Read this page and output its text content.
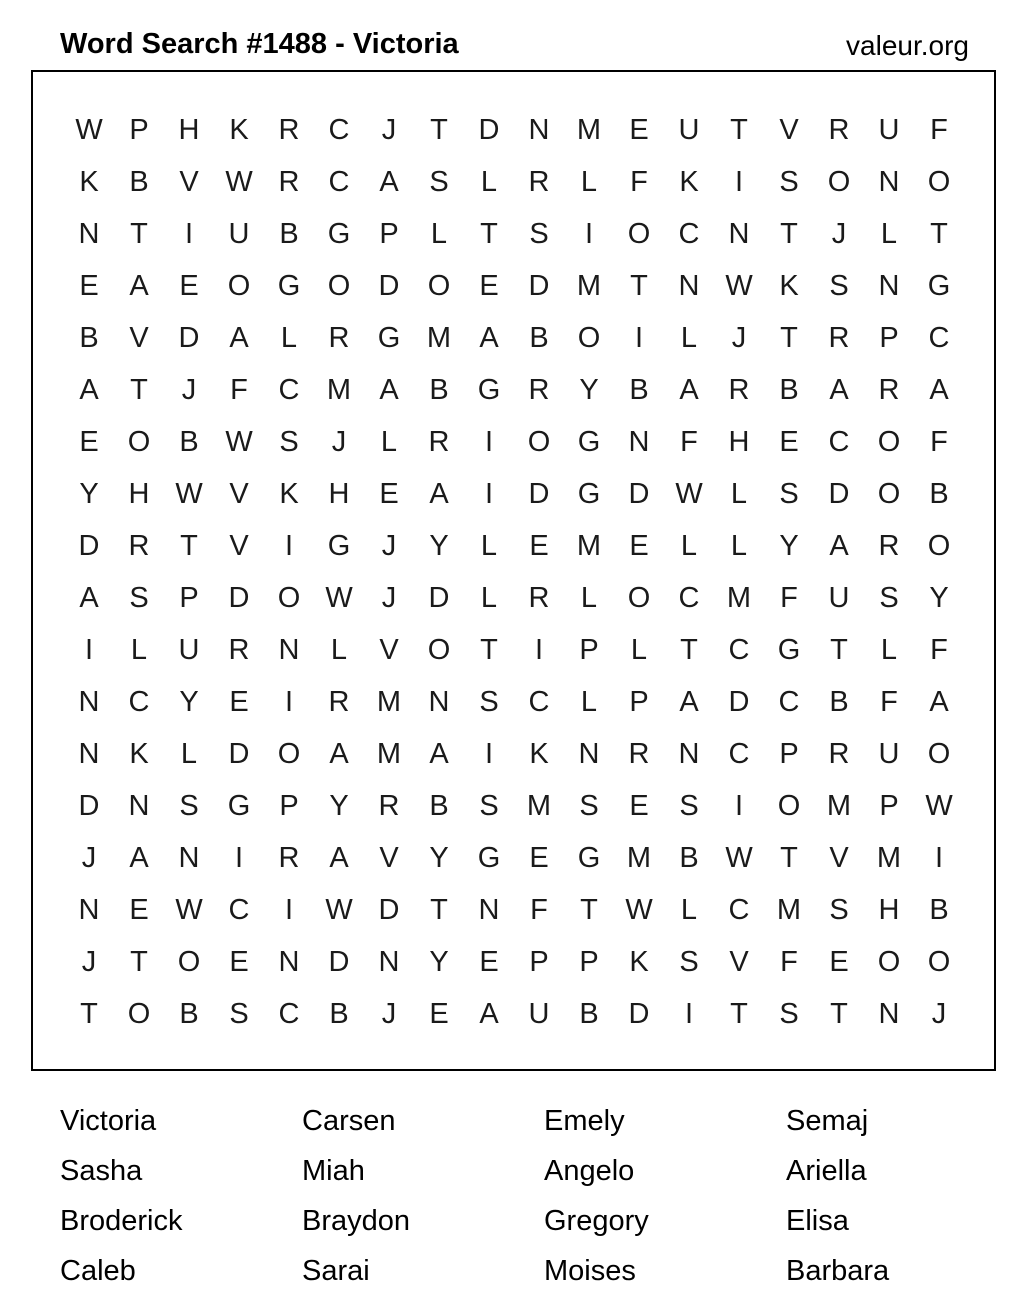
Word Search #1488 - Victoria	valeur.org
W P	H	K	R	C	J	T	D	N M E	U	T	V	R	U	F
K	B	V W R	C	A	S	L	R	L	F	K	I	S	O N O
N	T	I	U	B	G	P	L	T	S	I	O C	N	T	J	L	T
E	A	E	O G O D O	E	D M	T	N W K	S	N G
B	V	D	A	L	R G M A	B	O	I	L	J	T	R	P	C
A	T	J	F	C M A	B	G R	Y	B	A	R	B	A	R	A
E	O	B W S	J	L	R	I	O G N	F	H	E	C O	F
Y	H W V	K	H	E	A	I	D G D W L	S	D O	B
D	R	T	V	I	G	J	Y	L	E M E	L	L	Y	A	R O
A	S	P	D O W	J	D	L	R	L	O C M	F	U	S	Y
I	L	U	R	N	L	V	O	T	I	P	L	T	C G	T	L	F
N	C	Y	E	I	R M N	S	C	L	P	A	D	C	B	F	A
N	K	L	D O	A M A	I	K	N	R	N	C	P	R	U O
D	N	S	G	P	Y	R	B	S M S	E	S	I	O M P W
J	A	N	I	R	A	V	Y	G	E	G M B W T	V M	I
N	E W C	I	W D	T	N	F	T W L	C M S	H	B
J	T	O	E	N	D	N	Y	E	P	P	K	S	V	F	E	O O
T	O	B	S	C	B	J	E	A	U	B	D	I	T	S	T	N	J
Victoria	Carsen	Emely	Semaj
Sasha	Miah	Angelo	Ariella
Broderick	Braydon	Gregory	Elisa
Caleb	Sarai	Moises	Barbara
